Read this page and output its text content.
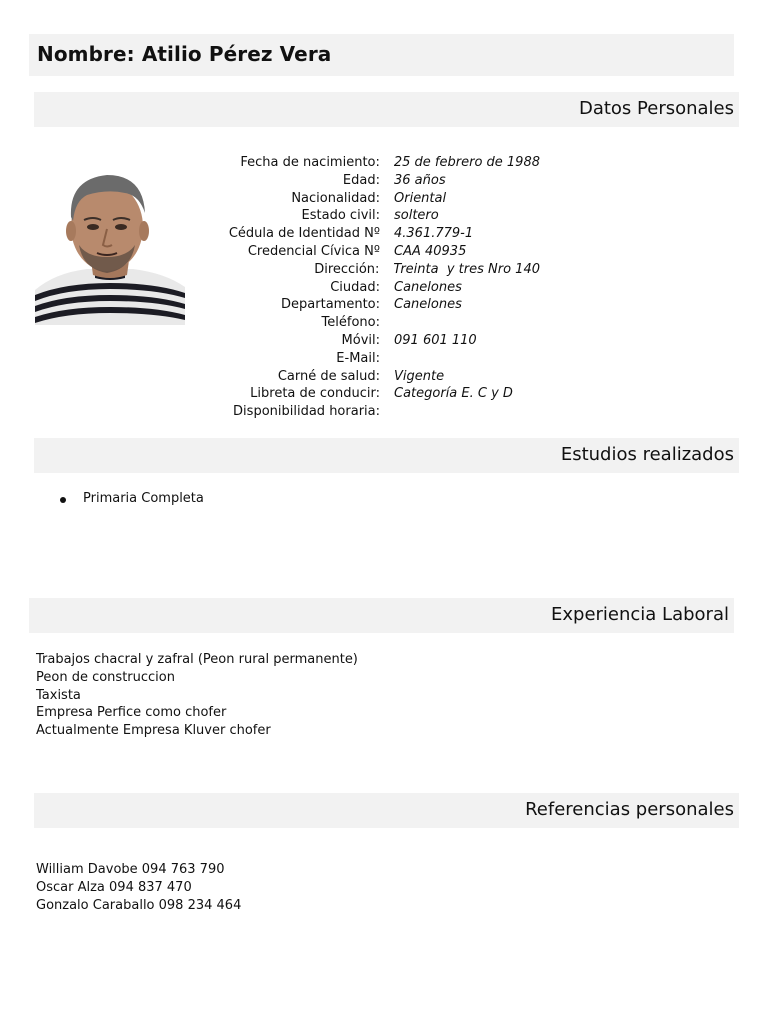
Nombre: Atilio Pérez Vera
Datos Personales
Fecha de nacimiento:	25 de febrero de 1988
Edad:	36 años
Nacionalidad:	Oriental
Estado civil:	soltero
Cédula de Identidad Nº	4.361.779-1
Credencial Cívica Nº	CAA 40935
Dirección:	Treinta  y tres Nro 140
Ciudad:	Canelones
Departamento:	Canelones
Teléfono:
Móvil:	091 601 110
E-Mail:
Carné de salud:	Vigente
Libreta de conducir:	Categoría E. C y D
Disponibilidad horaria:
Estudios realizados
Primaria Completa
Experiencia Laboral
Trabajos chacral y zafral (Peon rural permanente)
Peon de construccion
Taxista
Empresa Perfice como chofer
Actualmente Empresa Kluver chofer
Referencias personales
William Davobe 094 763 790
Oscar Alza 094 837 470
Gonzalo Caraballo 098 234 464
